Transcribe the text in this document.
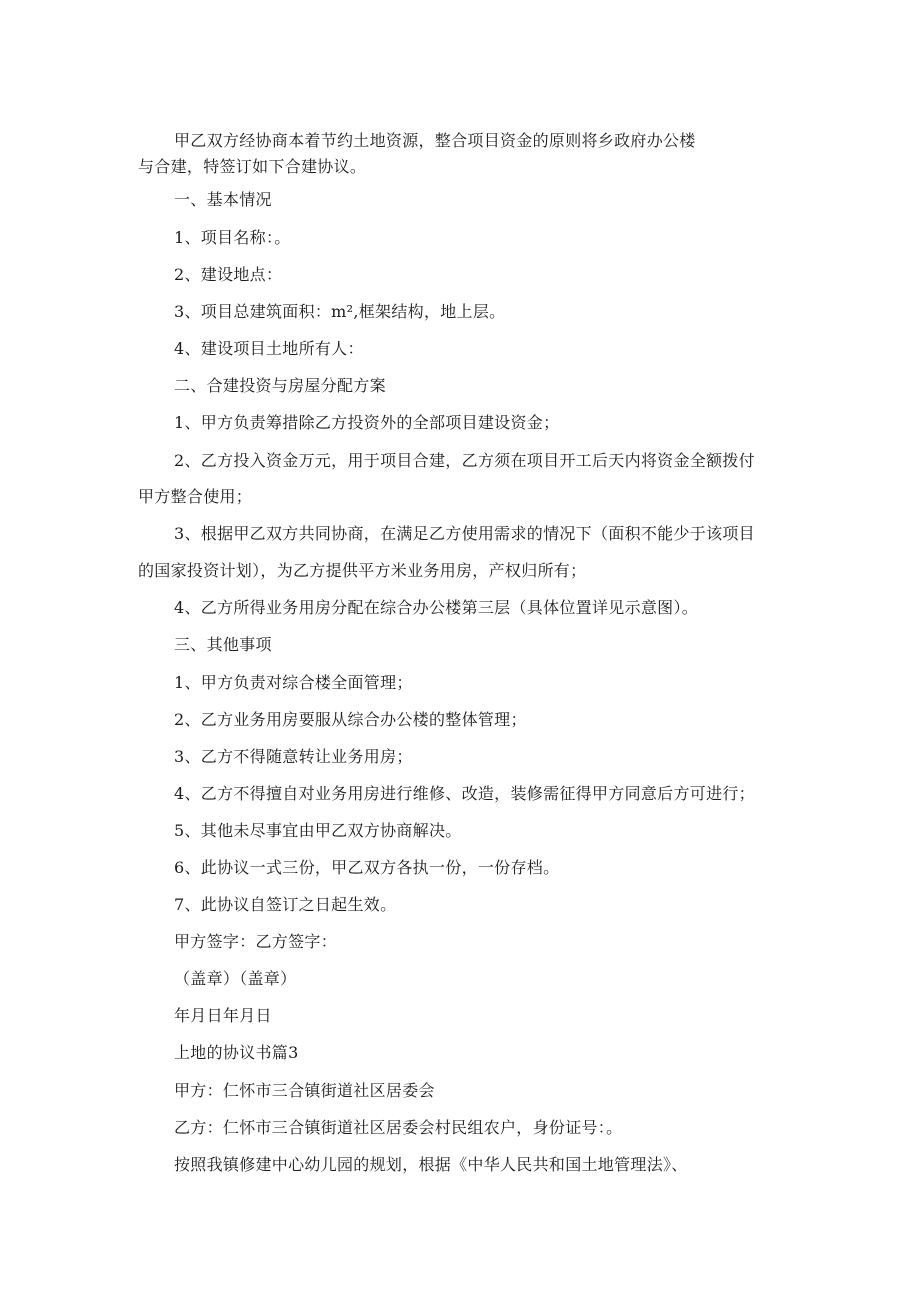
甲乙双方经协商本着节约土地资源，整合项目资金的原则将乡政府办公楼
与合建，特签订如下合建协议。
一、基本情况
1、项目名称：。
2、建设地点：
3、项目总建筑面积：m²,框架结构，地上层。
4、建设项目土地所有人：
二、合建投资与房屋分配方案
1、甲方负责筹措除乙方投资外的全部项目建设资金；
2、乙方投入资金万元，用于项目合建，乙方须在项目开工后天内将资金全额拨付
甲方整合使用；
3、根据甲乙双方共同协商，在满足乙方使用需求的情况下（面积不能少于该项目
的国家投资计划），为乙方提供平方米业务用房，产权归所有；
4、乙方所得业务用房分配在综合办公楼第三层（具体位置详见示意图）。
三、其他事项
1、甲方负责对综合楼全面管理；
2、乙方业务用房要服从综合办公楼的整体管理；
3、乙方不得随意转让业务用房；
4、乙方不得擅自对业务用房进行维修、改造，装修需征得甲方同意后方可进行；
5、其他未尽事宜由甲乙双方协商解决。
6、此协议一式三份，甲乙双方各执一份，一份存档。
7、此协议自签订之日起生效。
甲方签字：乙方签字：
（盖章）（盖章）
年月日年月日
上地的协议书篇3
甲方：仁怀市三合镇街道社区居委会
乙方：仁怀市三合镇街道社区居委会村民组农户，身份证号：。
按照我镇修建中心幼儿园的规划，根据《中华人民共和国土地管理法》、
